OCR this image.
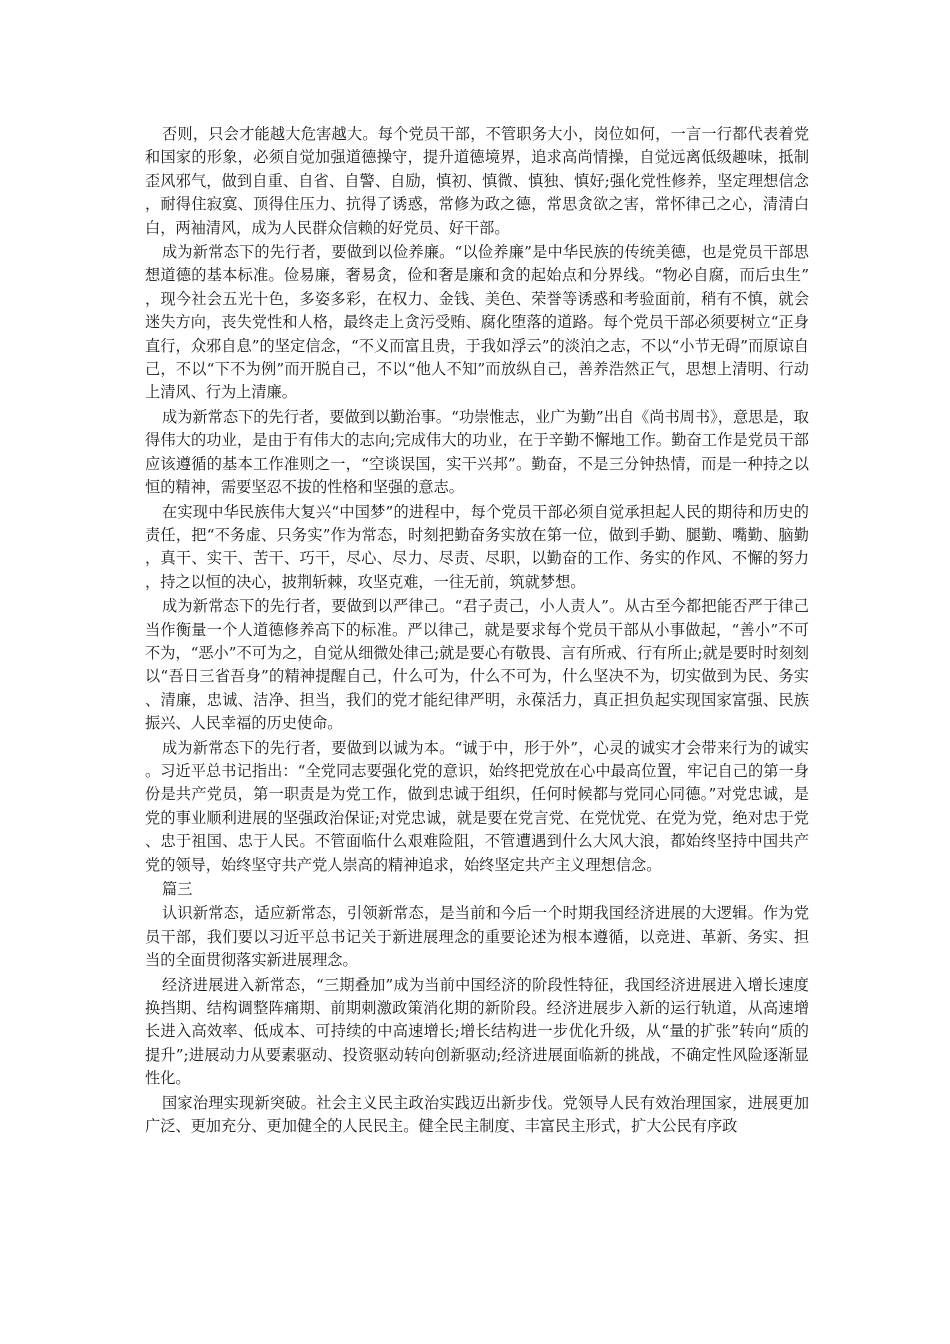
否则，只会才能越大危害越大。每个党员干部，不管职务大小，岗位如何，一言一行都代表着党和国家的形象，必须自觉加强道德操守，提升道德境界，追求高尚情操，自觉远离低级趣味，抵制歪风邪气，做到自重、自省、自警、自励，慎初、慎微、慎独、慎好;强化党性修养，坚定理想信念，耐得住寂寞、顶得住压力、抗得了诱惑，常修为政之德，常思贪欲之害，常怀律己之心，清清白白，两袖清风，成为人民群众信赖的好党员、好干部。

成为新常态下的先行者，要做到以俭养廉。“以俭养廉”是中华民族的传统美德，也是党员干部思想道德的基本标准。俭易廉，奢易贪，俭和奢是廉和贪的起始点和分界线。“物必自腐，而后虫生”，现今社会五光十色，多姿多彩，在权力、金钱、美色、荣誉等诱惑和考验面前，稍有不慎，就会迷失方向，丧失党性和人格，最终走上贪污受贿、腐化堕落的道路。每个党员干部必须要树立“正身直行，众邪自息”的坚定信念，“不义而富且贵，于我如浮云”的淡泊之志，不以“小节无碍”而原谅自己，不以“下不为例”而开脱自己，不以“他人不知”而放纵自己，善养浩然正气，思想上清明、行动上清风、行为上清廉。

成为新常态下的先行者，要做到以勤治事。“功崇惟志，业广为勤”出自《尚书周书》，意思是，取得伟大的功业，是由于有伟大的志向;完成伟大的功业，在于辛勤不懈地工作。勤奋工作是党员干部应该遵循的基本工作准则之一，“空谈误国，实干兴邦”。勤奋，不是三分钟热情，而是一种持之以恒的精神，需要坚忍不拔的性格和坚强的意志。

在实现中华民族伟大复兴“中国梦”的进程中，每个党员干部必须自觉承担起人民的期待和历史的责任，把“不务虚、只务实”作为常态，时刻把勤奋务实放在第一位，做到手勤、腿勤、嘴勤、脑勤，真干、实干、苦干、巧干，尽心、尽力、尽责、尽职，以勤奋的工作、务实的作风、不懈的努力，持之以恒的决心，披荆斩棘，攻坚克难，一往无前，筑就梦想。

成为新常态下的先行者，要做到以严律己。“君子责己，小人责人”。从古至今都把能否严于律己当作衡量一个人道德修养高下的标准。严以律己，就是要求每个党员干部从小事做起，“善小”不可不为，“恶小”不可为之，自觉从细微处律己;就是要心有敬畏、言有所戒、行有所止;就是要时时刻刻以“吾日三省吾身”的精神提醒自己，什么可为，什么不可为，什么坚决不为，切实做到为民、务实、清廉，忠诚、洁净、担当，我们的党才能纪律严明，永葆活力，真正担负起实现国家富强、民族振兴、人民幸福的历史使命。

成为新常态下的先行者，要做到以诚为本。“诚于中，形于外”，心灵的诚实才会带来行为的诚实。习近平总书记指出：“全党同志要强化党的意识，始终把党放在心中最高位置，牢记自己的第一身份是共产党员，第一职责是为党工作，做到忠诚于组织，任何时候都与党同心同德。”对党忠诚，是党的事业顺利进展的坚强政治保证;对党忠诚，就是要在党言党、在党忧党、在党为党，绝对忠于党、忠于祖国、忠于人民。不管面临什么艰难险阻，不管遭遇到什么大风大浪，都始终坚持中国共产党的领导，始终坚守共产党人崇高的精神追求，始终坚定共产主义理想信念。

篇三

认识新常态，适应新常态，引领新常态，是当前和今后一个时期我国经济进展的大逻辑。作为党员干部，我们要以习近平总书记关于新进展理念的重要论述为根本遵循，以竞进、革新、务实、担当的全面贯彻落实新进展理念。

经济进展进入新常态，“三期叠加”成为当前中国经济的阶段性特征，我国经济进展进入增长速度换挡期、结构调整阵痛期、前期刺激政策消化期的新阶段。经济进展步入新的运行轨道，从高速增长进入高效率、低成本、可持续的中高速增长;增长结构进一步优化升级，从“量的扩张”转向“质的提升”;进展动力从要素驱动、投资驱动转向创新驱动;经济进展面临新的挑战，不确定性风险逐渐显性化。

国家治理实现新突破。社会主义民主政治实践迈出新步伐。党领导人民有效治理国家，进展更加广泛、更加充分、更加健全的人民民主。健全民主制度、丰富民主形式，扩大公民有序政
